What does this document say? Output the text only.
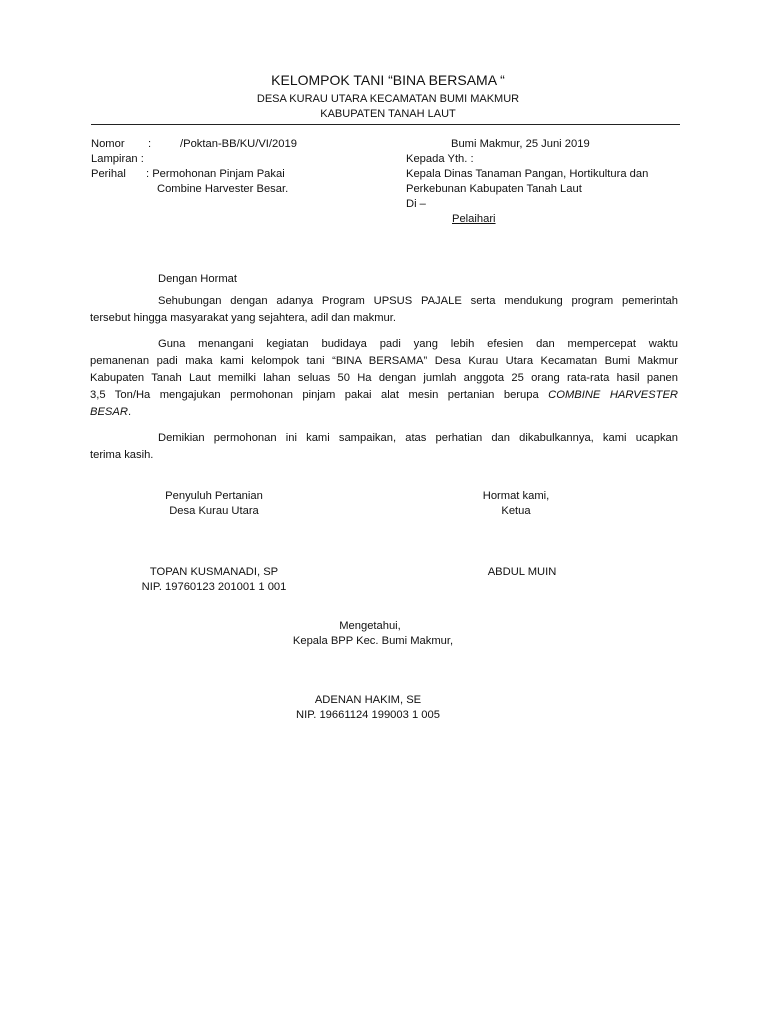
KELOMPOK TANI “BINA BERSAMA “
DESA KURAU UTARA KECAMATAN BUMI MAKMUR
KABUPATEN TANAH LAUT
Nomor :	/Poktan-BB/KU/VI/2019
Lampiran :
Perihal : Permohonan Pinjam Pakai
Combine Harvester Besar.
Bumi Makmur, 25 Juni 2019
Kepada Yth. :
Kepala Dinas Tanaman Pangan, Hortikultura dan
Perkebunan Kabupaten Tanah Laut
Di –
Pelaihari
Dengan Hormat
Sehubungan dengan adanya Program UPSUS PAJALE serta mendukung program pemerintah
tersebut hingga masyarakat yang sejahtera, adil dan makmur.
Guna menangani kegiatan budidaya padi yang lebih efesien dan mempercepat waktu
pemanenan padi maka kami kelompok tani “BINA BERSAMA” Desa Kurau Utara Kecamatan Bumi Makmur
Kabupaten Tanah Laut memilki lahan seluas 50 Ha dengan jumlah anggota 25 orang rata-rata hasil panen
3,5 Ton/Ha mengajukan permohonan pinjam pakai alat mesin pertanian berupa COMBINE HARVESTER
BESAR.
Demikian permohonan ini kami sampaikan, atas perhatian dan dikabulkannya, kami ucapkan
terima kasih.
Penyuluh Pertanian
Desa Kurau Utara
Hormat kami,
Ketua
TOPAN KUSMANADI, SP
NIP. 19760123 201001 1 001
ABDUL MUIN
Mengetahui,
Kepala BPP Kec. Bumi Makmur,
ADENAN HAKIM, SE
NIP. 19661124 199003 1 005
